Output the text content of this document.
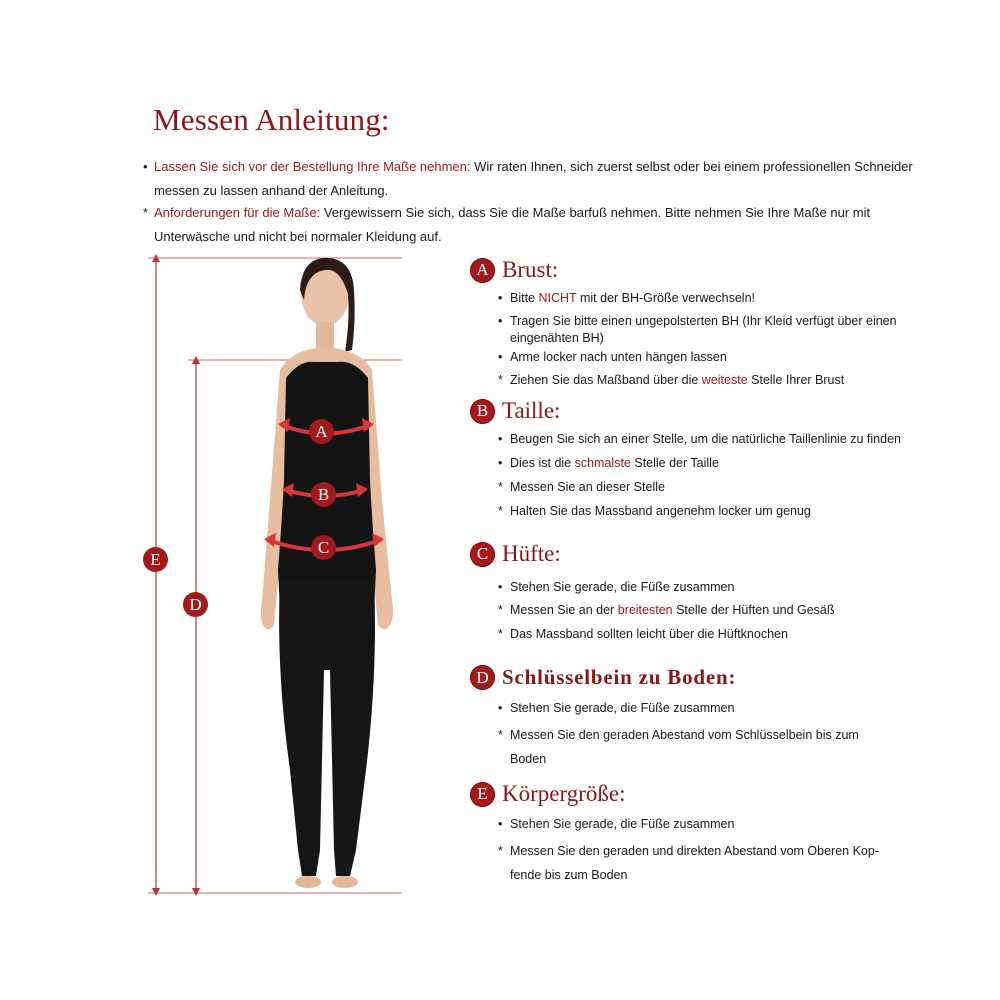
Messen Anleitung:
• Lassen Sie sich vor der Bestellung Ihre Maße nehmen: Wir raten Ihnen, sich zuerst selbst oder bei einem professionellen Schneider messen zu lassen anhand der Anleitung.
* Anforderungen für die Maße: Vergewissern Sie sich, dass Sie die Maße barfuß nehmen. Bitte nehmen Sie Ihre Maße nur mit Unterwäsche und nicht bei normaler Kleidung auf.
A
B
C
D
E
A Brust:
• Bitte NICHT mit der BH-Größe verwechseln!
• Tragen Sie bitte einen ungepolsterten BH (Ihr Kleid verfügt über einen eingenähten BH)
• Arme locker nach unten hängen lassen
* Ziehen Sie das Maßband über die weiteste Stelle Ihrer Brust
B Taille:
• Beugen Sie sich an einer Stelle, um die natürliche Taillenlinie zu finden
• Dies ist die schmalste Stelle der Taille
* Messen Sie an dieser Stelle
* Halten Sie das Massband angenehm locker um genug
C Hüfte:
• Stehen Sie gerade, die Füße zusammen
* Messen Sie an der breitesten Stelle der Hüften und Gesäß
* Das Massband sollten leicht über die Hüftknochen
D Schlüsselbein zu Boden:
• Stehen Sie gerade, die Füße zusammen
* Messen Sie den geraden Abestand vom Schlüsselbein bis zum Boden
E Körpergröße:
• Stehen Sie gerade, die Füße zusammen
* Messen Sie den geraden und direkten Abestand vom Oberen Kop-fende bis zum Boden
